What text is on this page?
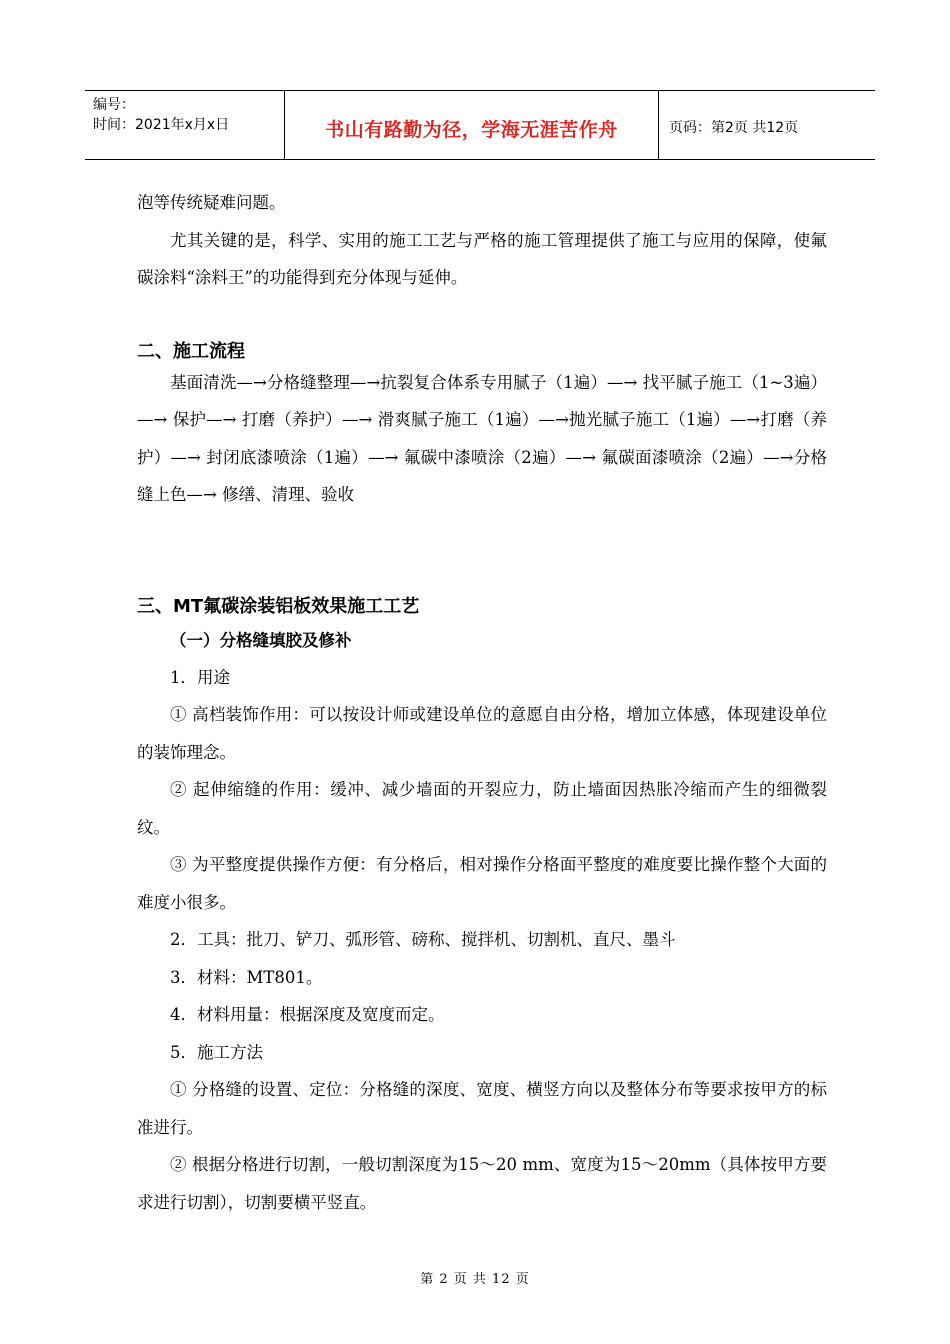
编号：
时间：2021年x月x日	书山有路勤为径，学海无涯苦作舟	页码：第2页 共12页

泡等传统疑难问题。

尤其关键的是，科学、实用的施工工艺与严格的施工管理提供了施工与应用的保障，使氟碳涂料“涂料王”的功能得到充分体现与延伸。

二、施工流程

基面清洗—→分格缝整理—→抗裂复合体系专用腻子（1遍）—→ 找平腻子施工（1~3遍）—→ 保护—→ 打磨（养护）—→ 滑爽腻子施工（1遍）—→抛光腻子施工（1遍）—→打磨（养护）—→ 封闭底漆喷涂（1遍）—→ 氟碳中漆喷涂（2遍）—→ 氟碳面漆喷涂（2遍）—→分格缝上色—→ 修缮、清理、验收

三、MT氟碳涂装铝板效果施工工艺
（一）分格缝填胶及修补

1．用途

① 高档装饰作用：可以按设计师或建设单位的意愿自由分格，增加立体感，体现建设单位的装饰理念。

② 起伸缩缝的作用：缓冲、减少墙面的开裂应力，防止墙面因热胀冷缩而产生的细微裂纹。

③ 为平整度提供操作方便：有分格后，相对操作分格面平整度的难度要比操作整个大面的难度小很多。

2．工具：批刀、铲刀、弧形管、磅称、搅拌机、切割机、直尺、墨斗

3．材料：MT801。

4．材料用量：根据深度及宽度而定。

5．施工方法

① 分格缝的设置、定位：分格缝的深度、宽度、横竖方向以及整体分布等要求按甲方的标准进行。

② 根据分格进行切割，一般切割深度为15～20 mm、宽度为15～20mm（具体按甲方要求进行切割），切割要横平竖直。

第 2 页 共 12 页
